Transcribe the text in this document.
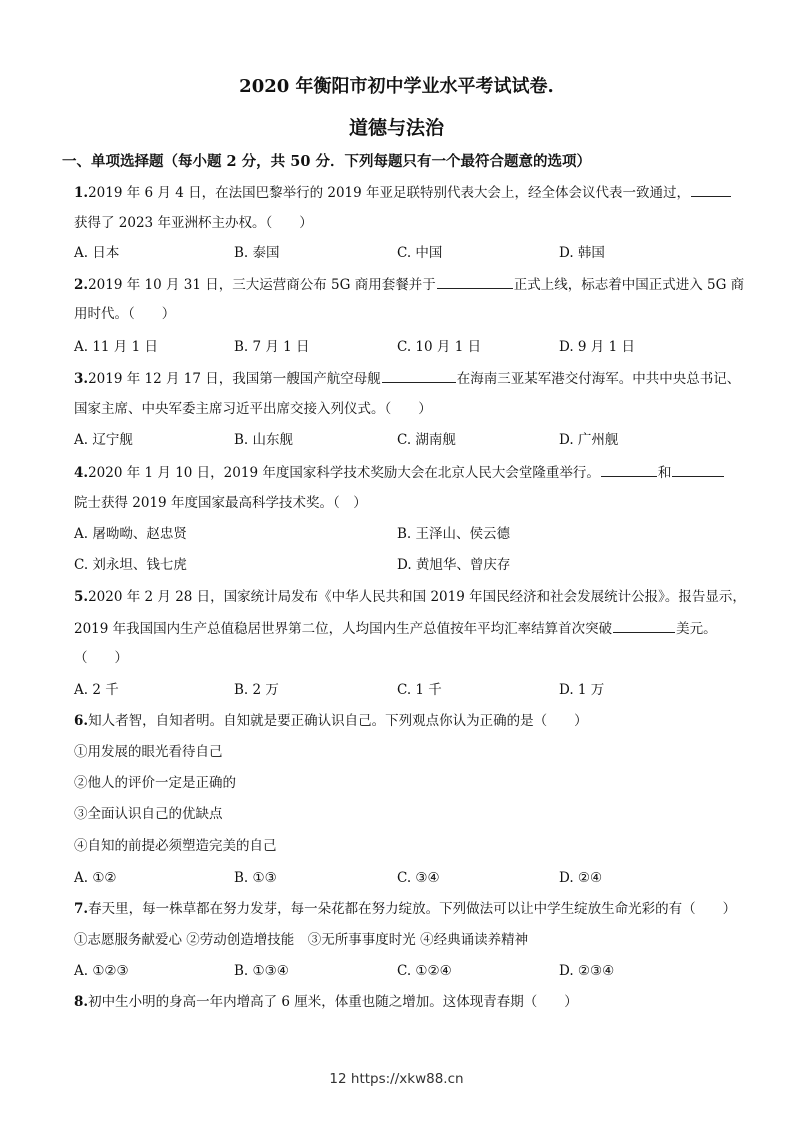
2020 年衡阳市初中学业水平考试试卷.
道德与法治
一、单项选择题（每小题 2 分，共 50 分．下列每题只有一个最符合题意的选项）
1.2019 年 6 月 4 日，在法国巴黎举行的 2019 年亚足联特别代表大会上，经全体会议代表一致通过，
获得了 2023 年亚洲杯主办权。（　　）
A. 日本	B. 泰国	C. 中国	D. 韩国
2.2019 年 10 月 31 日，三大运营商公布 5G 商用套餐并于	正式上线，标志着中国正式进入 5G 商
用时代。（　　）
A. 11 月 1 日	B. 7 月 1 日	C. 10 月 1 日	D. 9 月 1 日
3.2019 年 12 月 17 日，我国第一艘国产航空母舰	在海南三亚某军港交付海军。中共中央总书记、
国家主席、中央军委主席习近平出席交接入列仪式。（　　）
A. 辽宁舰	B. 山东舰	C. 湖南舰	D. 广州舰
4.2020 年 1 月 10 日，2019 年度国家科学技术奖励大会在北京人民大会堂隆重举行。	和
院士获得 2019 年度国家最高科学技术奖。（　）
A. 屠呦呦、赵忠贤	B. 王泽山、侯云德
C. 刘永坦、钱七虎	D. 黄旭华、曾庆存
5.2020 年 2 月 28 日，国家统计局发布《中华人民共和国 2019 年国民经济和社会发展统计公报》。报告显示，
2019 年我国国内生产总值稳居世界第二位，人均国内生产总值按年平均汇率结算首次突破	美元。
（　　）
A. 2 千	B. 2 万	C. 1 千	D. 1 万
6.知人者智，自知者明。自知就是要正确认识自己。下列观点你认为正确的是（　　）
①用发展的眼光看待自己
②他人的评价一定是正确的
③全面认识自己的优缺点
④自知的前提必须塑造完美的自己
A. ①②	B. ①③	C. ③④	D. ②④
7.春天里，每一株草都在努力发芽，每一朵花都在努力绽放。下列做法可以让中学生绽放生命光彩的有（　　）
①志愿服务献爱心 ②劳动创造增技能　③无所事事度时光 ④经典诵读养精神
A. ①②③	B. ①③④	C. ①②④	D. ②③④
8.初中生小明的身高一年内增高了 6 厘米，体重也随之增加。这体现青春期（　　）
12 https://xkw88.cn
